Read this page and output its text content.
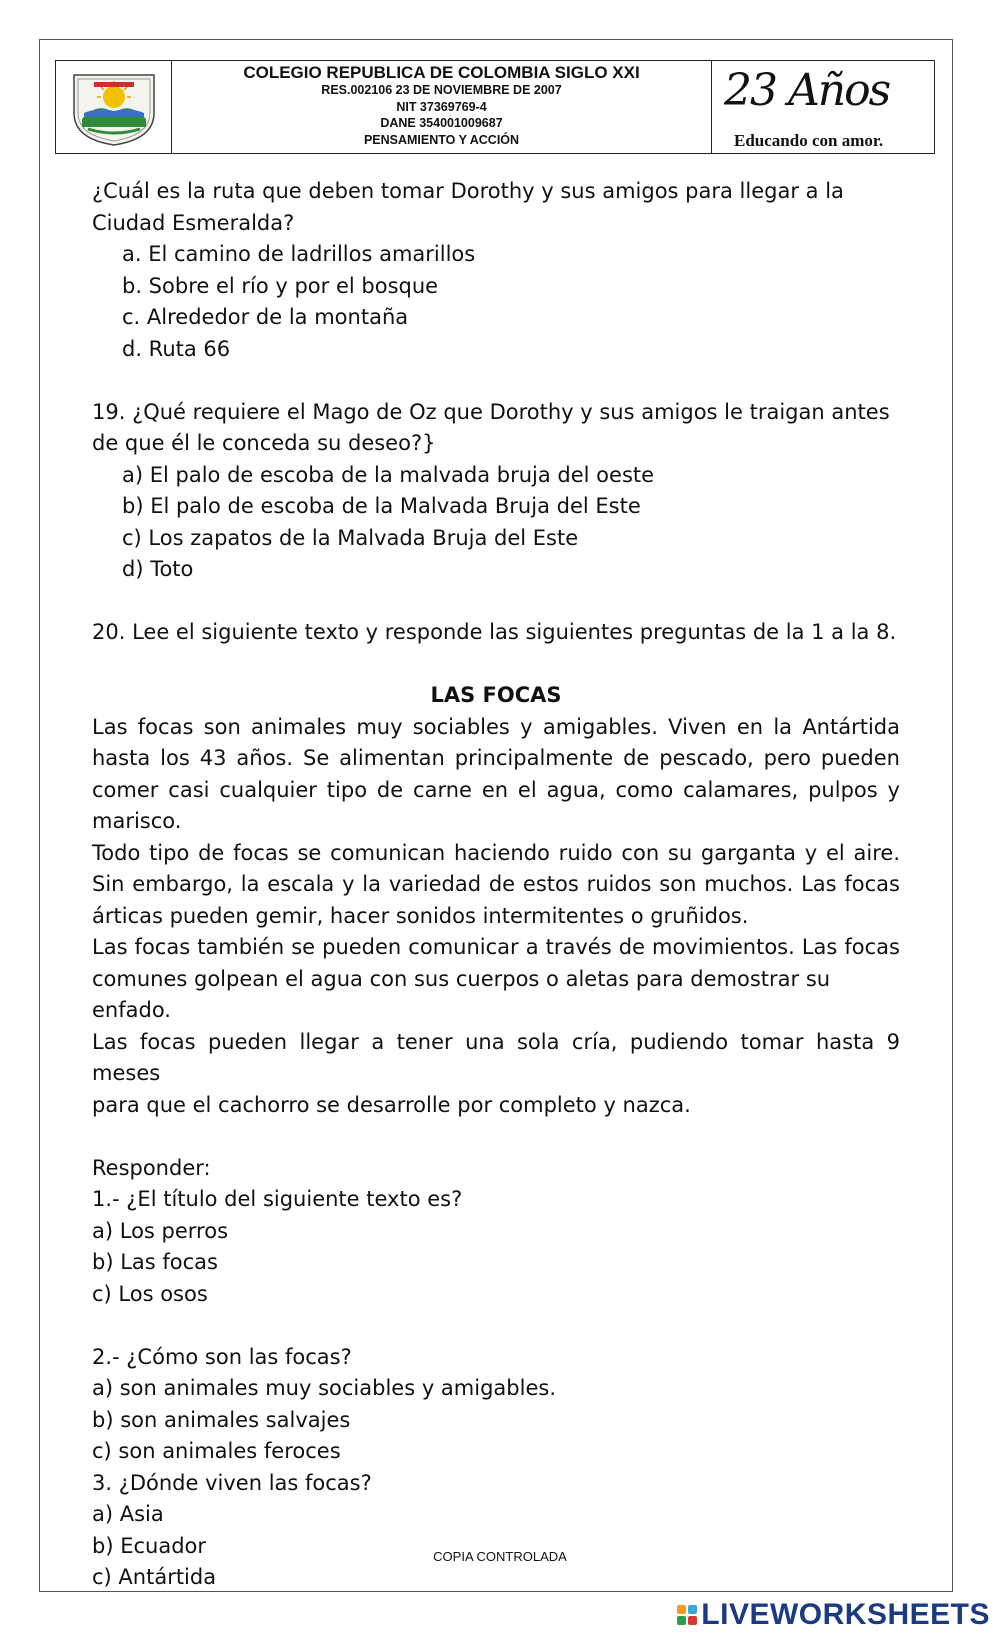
COLEGIO REPUBLICA DE COLOMBIA SIGLO XXI
RES.002106 23 DE NOVIEMBRE DE 2007
NIT 37369769-4
DANE 354001009687
PENSAMIENTO Y ACCIÓN
23 Años
Educando con amor.

¿Cuál es la ruta que deben tomar Dorothy y sus amigos para llegar a la

Ciudad Esmeralda?

a. El camino de ladrillos amarillos

b. Sobre el río y por el bosque

c. Alrededor de la montaña

d. Ruta 66

19. ¿Qué requiere el Mago de Oz que Dorothy y sus amigos le traigan antes

de que él le conceda su deseo?}

a) El palo de escoba de la malvada bruja del oeste

b) El palo de escoba de la Malvada Bruja del Este

c) Los zapatos de la Malvada Bruja del Este

d) Toto

20. Lee el siguiente texto y responde las siguientes preguntas de la 1 a la 8.

LAS FOCAS

Las focas son animales muy sociables y amigables. Viven en la Antártida

hasta los 43 años. Se alimentan principalmente de pescado, pero pueden

comer casi cualquier tipo de carne en el agua, como calamares, pulpos y

marisco.

Todo tipo de focas se comunican haciendo ruido con su garganta y el aire.

Sin embargo, la escala y la variedad de estos ruidos son muchos. Las focas

árticas pueden gemir, hacer sonidos intermitentes o gruñidos.

Las focas también se pueden comunicar a través de movimientos. Las focas

comunes golpean el agua con sus cuerpos o aletas para demostrar su enfado.

Las focas pueden llegar a tener una sola cría, pudiendo tomar hasta 9 meses

para que el cachorro se desarrolle por completo y nazca.

Responder:

1.- ¿El título del siguiente texto es?

a) Los perros

b) Las focas

c) Los osos

2.- ¿Cómo son las focas?

a) son animales muy sociables y amigables.

b) son animales salvajes

c) son animales feroces

3. ¿Dónde viven las focas?

a) Asia

b) Ecuador

c) Antártida

COPIA CONTROLADA
LIVEWORKSHEETS
